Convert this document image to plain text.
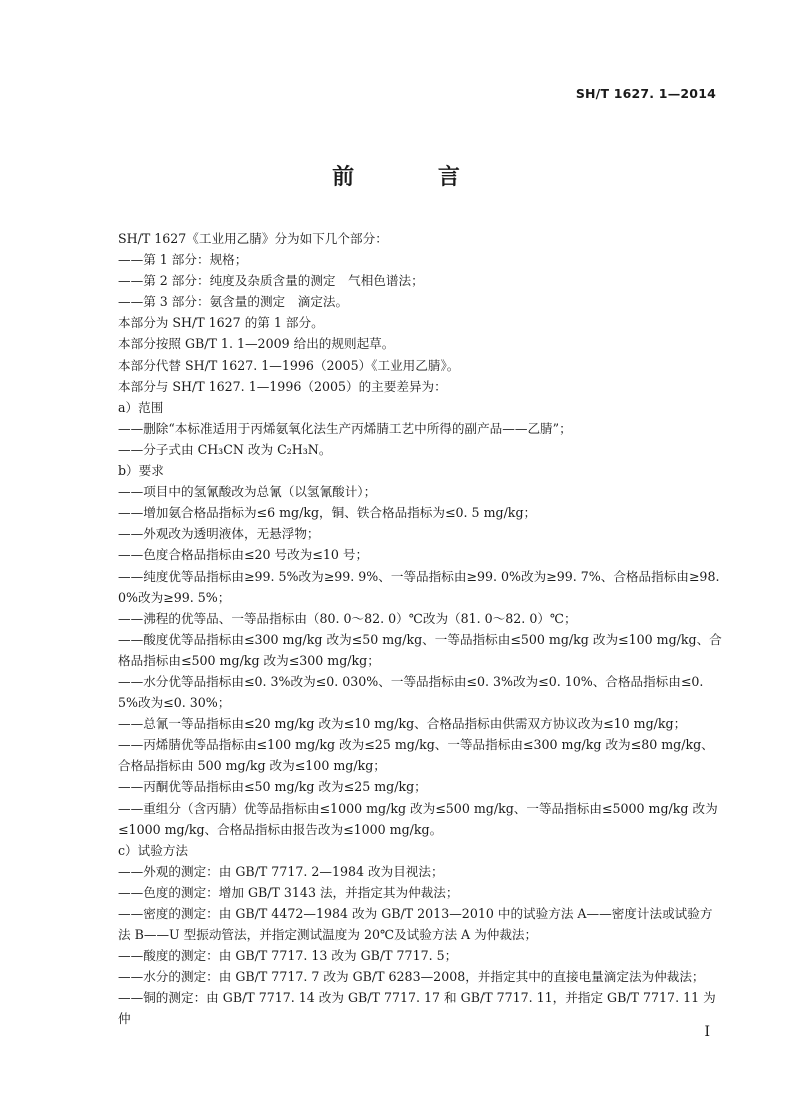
SH/T 1627. 1—2014
前 言

SH/T 1627《工业用乙腈》分为如下几个部分：

——第 1 部分：规格；

——第 2 部分：纯度及杂质含量的测定　气相色谱法；

——第 3 部分：氨含量的测定　滴定法。

本部分为 SH/T 1627 的第 1 部分。

本部分按照 GB/T 1. 1—2009 给出的规则起草。

本部分代替 SH/T 1627. 1—1996（2005）《工业用乙腈》。

本部分与 SH/T 1627. 1—1996（2005）的主要差异为：

a）范围

——删除“本标准适用于丙烯氨氧化法生产丙烯腈工艺中所得的副产品——乙腈”；

——分子式由 CH₃CN 改为 C₂H₃N。

b）要求

——项目中的氢氰酸改为总氰（以氢氰酸计）；

——增加氨合格品指标为≤6 mg/kg，铜、铁合格品指标为≤0. 5 mg/kg；

——外观改为透明液体，无悬浮物；

——色度合格品指标由≤20 号改为≤10 号；

——纯度优等品指标由≥99. 5%改为≥99. 9%、一等品指标由≥99. 0%改为≥99. 7%、合格品指标由≥98. 0%改为≥99. 5%；

——沸程的优等品、一等品指标由（80. 0～82. 0）℃改为（81. 0～82. 0）℃；

——酸度优等品指标由≤300 mg/kg 改为≤50 mg/kg、一等品指标由≤500 mg/kg 改为≤100 mg/kg、合格品指标由≤500 mg/kg 改为≤300 mg/kg；

——水分优等品指标由≤0. 3%改为≤0. 030%、一等品指标由≤0. 3%改为≤0. 10%、合格品指标由≤0. 5%改为≤0. 30%；

——总氰一等品指标由≤20 mg/kg 改为≤10 mg/kg、合格品指标由供需双方协议改为≤10 mg/kg；

——丙烯腈优等品指标由≤100 mg/kg 改为≤25 mg/kg、一等品指标由≤300 mg/kg 改为≤80 mg/kg、合格品指标由 500 mg/kg 改为≤100 mg/kg；

——丙酮优等品指标由≤50 mg/kg 改为≤25 mg/kg；

——重组分（含丙腈）优等品指标由≤1000 mg/kg 改为≤500 mg/kg、一等品指标由≤5000 mg/kg 改为≤1000 mg/kg、合格品指标由报告改为≤1000 mg/kg。

c）试验方法

——外观的测定：由 GB/T 7717. 2—1984 改为目视法；

——色度的测定：增加 GB/T 3143 法，并指定其为仲裁法；

——密度的测定：由 GB/T 4472—1984 改为 GB/T 2013—2010 中的试验方法 A——密度计法或试验方法 B——U 型振动管法，并指定测试温度为 20℃及试验方法 A 为仲裁法；

——酸度的测定：由 GB/T 7717. 13 改为 GB/T 7717. 5；

——水分的测定：由 GB/T 7717. 7 改为 GB/T 6283—2008，并指定其中的直接电量滴定法为仲裁法；

——铜的测定：由 GB/T 7717. 14 改为 GB/T 7717. 17 和 GB/T 7717. 11，并指定 GB/T 7717. 11 为仲

I
